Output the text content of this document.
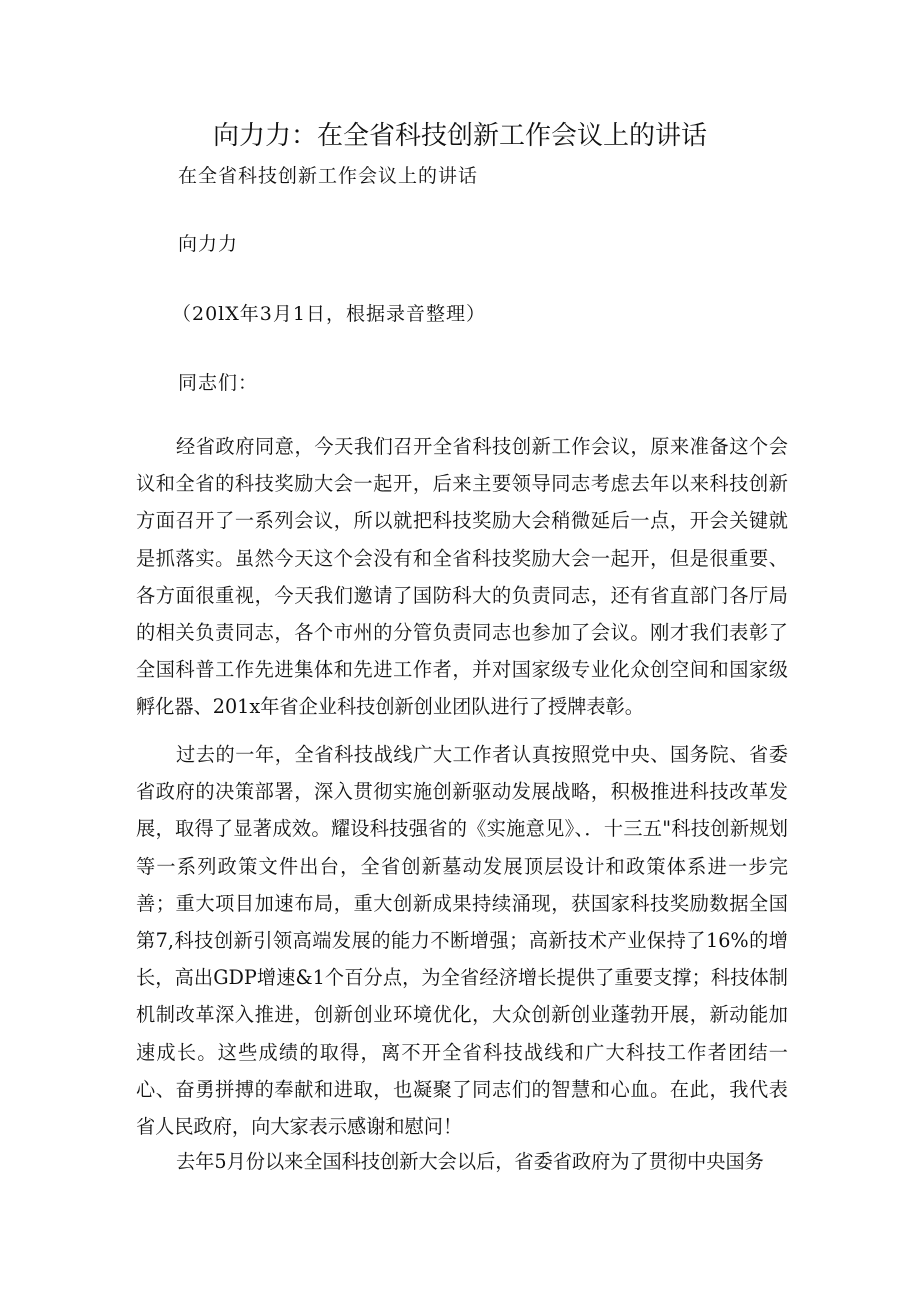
向力力：在全省科技创新工作会议上的讲话
在全省科技创新工作会议上的讲话
向力力
（20lX年3月1日，根据录音整理）
同志们：

经省政府同意，今天我们召开全省科技创新工作会议，原来准备这个会议和全省的科技奖励大会一起开，后来主要领导同志考虑去年以来科技创新方面召开了一系列会议，所以就把科技奖励大会稍微延后一点，开会关键就是抓落实。虽然今天这个会没有和全省科技奖励大会一起开，但是很重要、各方面很重视，今天我们邀请了国防科大的负责同志，还有省直部门各厅局的相关负责同志，各个市州的分管负责同志也参加了会议。刚才我们表彰了全国科普工作先进集体和先进工作者，并对国家级专业化众创空间和国家级孵化器、201x年省企业科技创新创业团队进行了授牌表彰。

过去的一年，全省科技战线广大工作者认真按照党中央、国务院、省委省政府的决策部署，深入贯彻实施创新驱动发展战略，积极推进科技改革发展，取得了显著成效。耀设科技强省的《实施意见》、．十三五"科技创新规划等一系列政策文件出台，全省创新墓动发展顶层设计和政策体系进一步完善；重大项目加速布局，重大创新成果持续涌现，获国家科技奖励数据全国第7,科技创新引领高端发展的能力不断增强；高新技术产业保持了16%的增长，高出GDP增速&1个百分点，为全省经济增长提供了重要支撑；科技体制机制改革深入推进，创新创业环境优化，大众创新创业蓬勃开展，新动能加速成长。这些成绩的取得，离不开全省科技战线和广大科技工作者团结一心、奋勇拼搏的奉献和进取，也凝聚了同志们的智慧和心血。在此，我代表省人民政府，向大家表示感谢和慰问！

去年5月份以来全国科技创新大会以后，省委省政府为了贯彻中央国务
